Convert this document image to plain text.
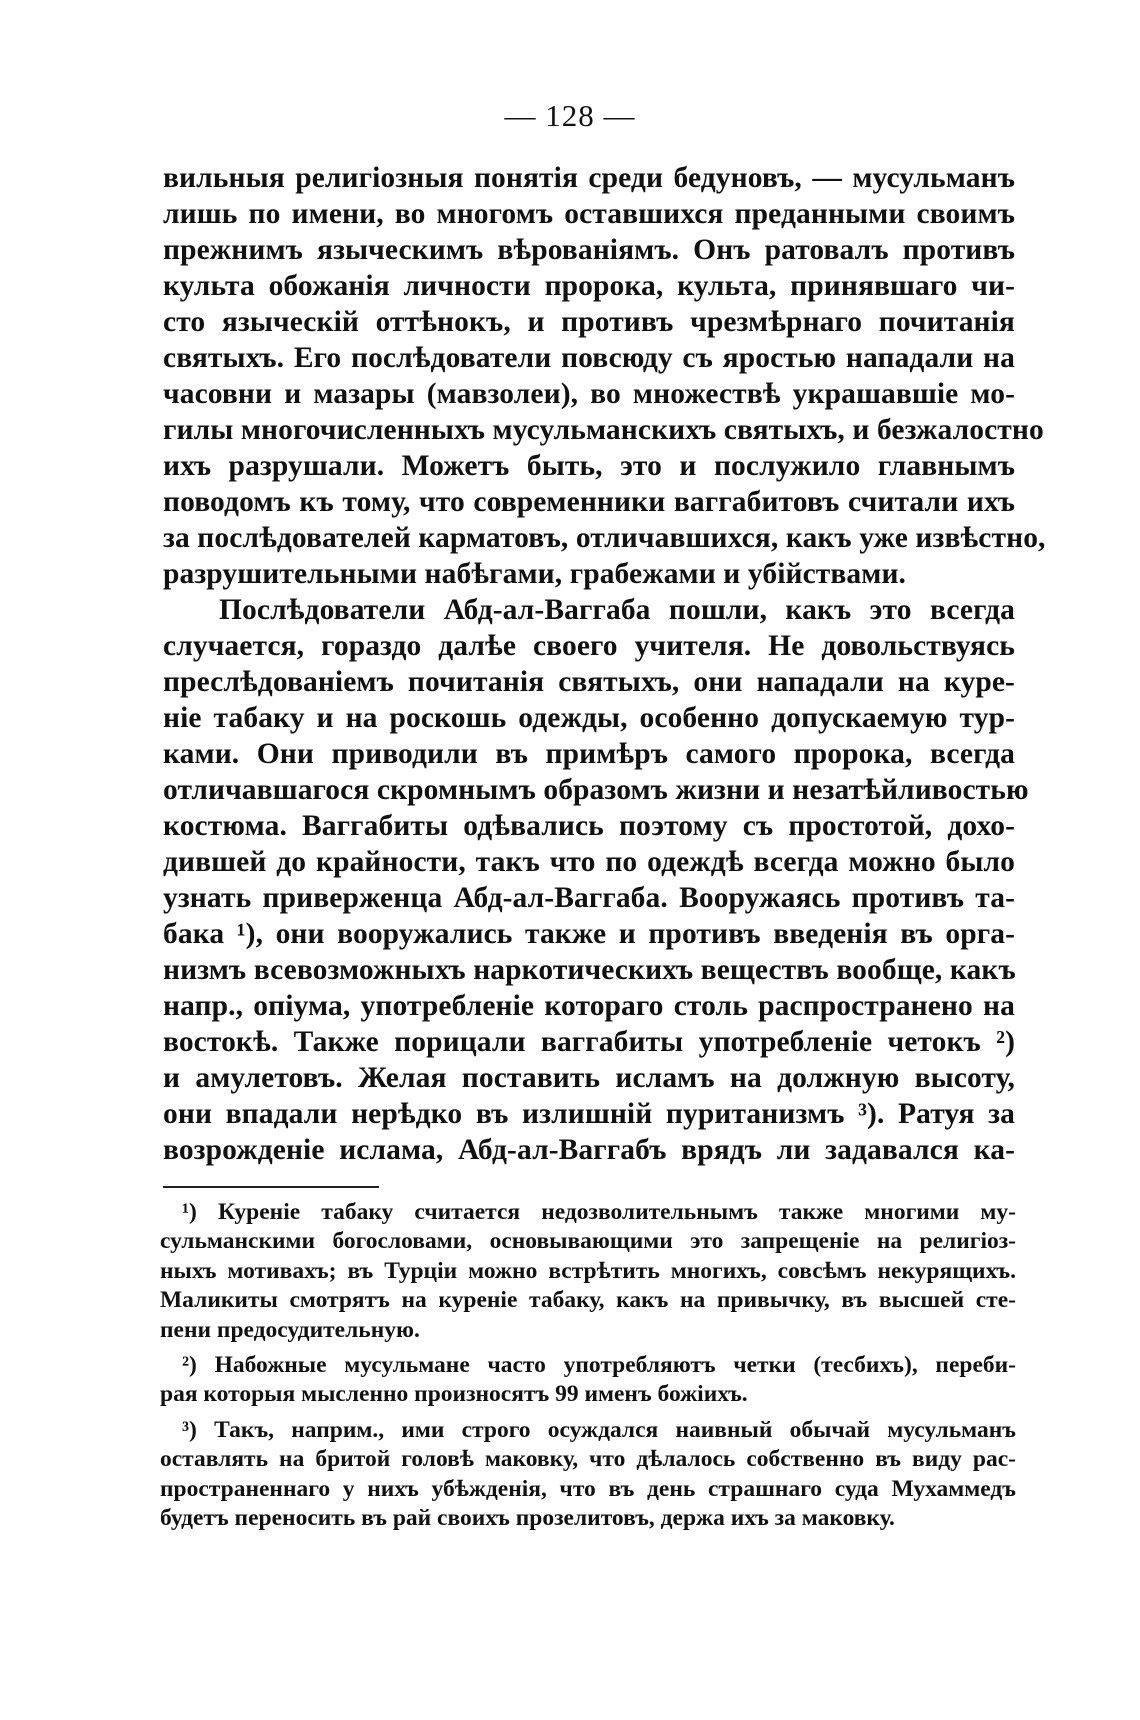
— 128 —
вильныя религіозныя понятія среди бедуновъ, — мусульманъ
лишь по имени, во многомъ оставшихся преданными своимъ
прежнимъ языческимъ вѣрованіямъ. Онъ ратовалъ противъ
культа обожанія личности пророка, культа, принявшаго чи-
сто языческій оттѣнокъ, и противъ чрезмѣрнаго почитанія
святыхъ. Его послѣдователи повсюду съ яростью нападали на
часовни и мазары (мавзолеи), во множествѣ украшавшіе мо-
гилы многочисленныхъ мусульманскихъ святыхъ, и безжалостно
ихъ разрушали. Можетъ быть, это и послужило главнымъ
поводомъ къ тому, что современники ваггабитовъ считали ихъ
за послѣдователей карматовъ, отличавшихся, какъ уже извѣстно,
разрушительными набѣгами, грабежами и убійствами.
Послѣдователи Абд-ал-Ваггаба пошли, какъ это всегда
случается, гораздо далѣе своего учителя. Не довольствуясь
преслѣдованіемъ почитанія святыхъ, они нападали на куре-
ніе табаку и на роскошь одежды, особенно допускаемую тур-
ками. Они приводили въ примѣръ самого пророка, всегда
отличавшагося скромнымъ образомъ жизни и незатѣйливостью
костюма. Ваггабиты одѣвались поэтому съ простотой, дохо-
дившей до крайности, такъ что по одеждѣ всегда можно было
узнать приверженца Абд-ал-Ваггаба. Вооружаясь противъ та-
бака ¹), они вооружались также и противъ введенія въ орга-
низмъ всевозможныхъ наркотическихъ веществъ вообще, какъ
напр., опіума, употребленіе котораго столь распространено на
востокѣ. Также порицали ваггабиты употребленіе четокъ ²)
и амулетовъ. Желая поставить исламъ на должную высоту,
они впадали нерѣдко въ излишній пуританизмъ ³). Ратуя за
возрожденіе ислама, Абд-ал-Ваггабъ врядъ ли задавался ка-
¹) Куреніе табаку считается недозволительнымъ также многими му-
сульманскими богословами, основывающими это запрещеніе на религіоз-
ныхъ мотивахъ; въ Турціи можно встрѣтить многихъ, совсѣмъ некурящихъ.
Маликиты смотрятъ на куреніе табаку, какъ на привычку, въ высшей сте-
пени предосудительную.
²) Набожные мусульмане часто употребляютъ четки (тесбихъ), переби-
рая которыя мысленно произносятъ 99 именъ божіихъ.
³) Такъ, наприм., ими строго осуждался наивный обычай мусульманъ
оставлять на бритой головѣ маковку, что дѣлалось собственно въ виду рас-
пространеннаго у нихъ убѣжденія, что въ день страшнаго суда Мухаммедъ
будетъ переносить въ рай своихъ прозелитовъ, держа ихъ за маковку.
